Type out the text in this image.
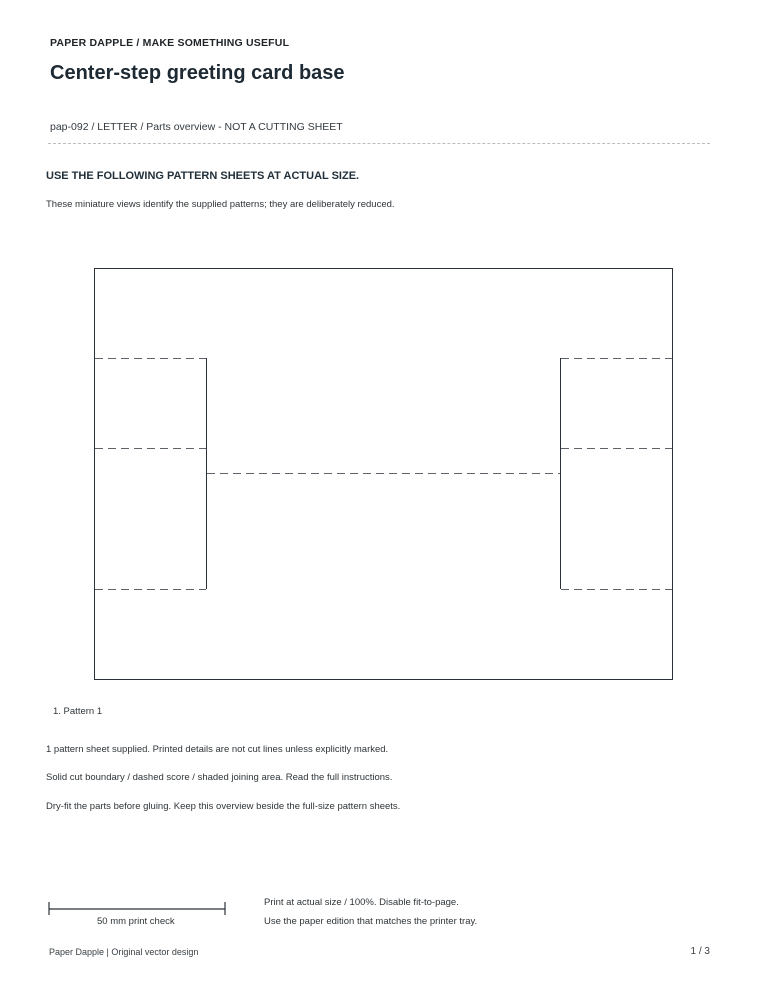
PAPER DAPPLE / MAKE SOMETHING USEFUL
Center-step greeting card base
pap-092 / LETTER / Parts overview - NOT A CUTTING SHEET
USE THE FOLLOWING PATTERN SHEETS AT ACTUAL SIZE.
These miniature views identify the supplied patterns; they are deliberately reduced.
1. Pattern 1
1 pattern sheet supplied. Printed details are not cut lines unless explicitly marked.
Solid cut boundary / dashed score / shaded joining area. Read the full instructions.
Dry-fit the parts before gluing. Keep this overview beside the full-size pattern sheets.
50 mm print check
Print at actual size / 100%. Disable fit-to-page.
Use the paper edition that matches the printer tray.
Paper Dapple | Original vector design	1 / 3
